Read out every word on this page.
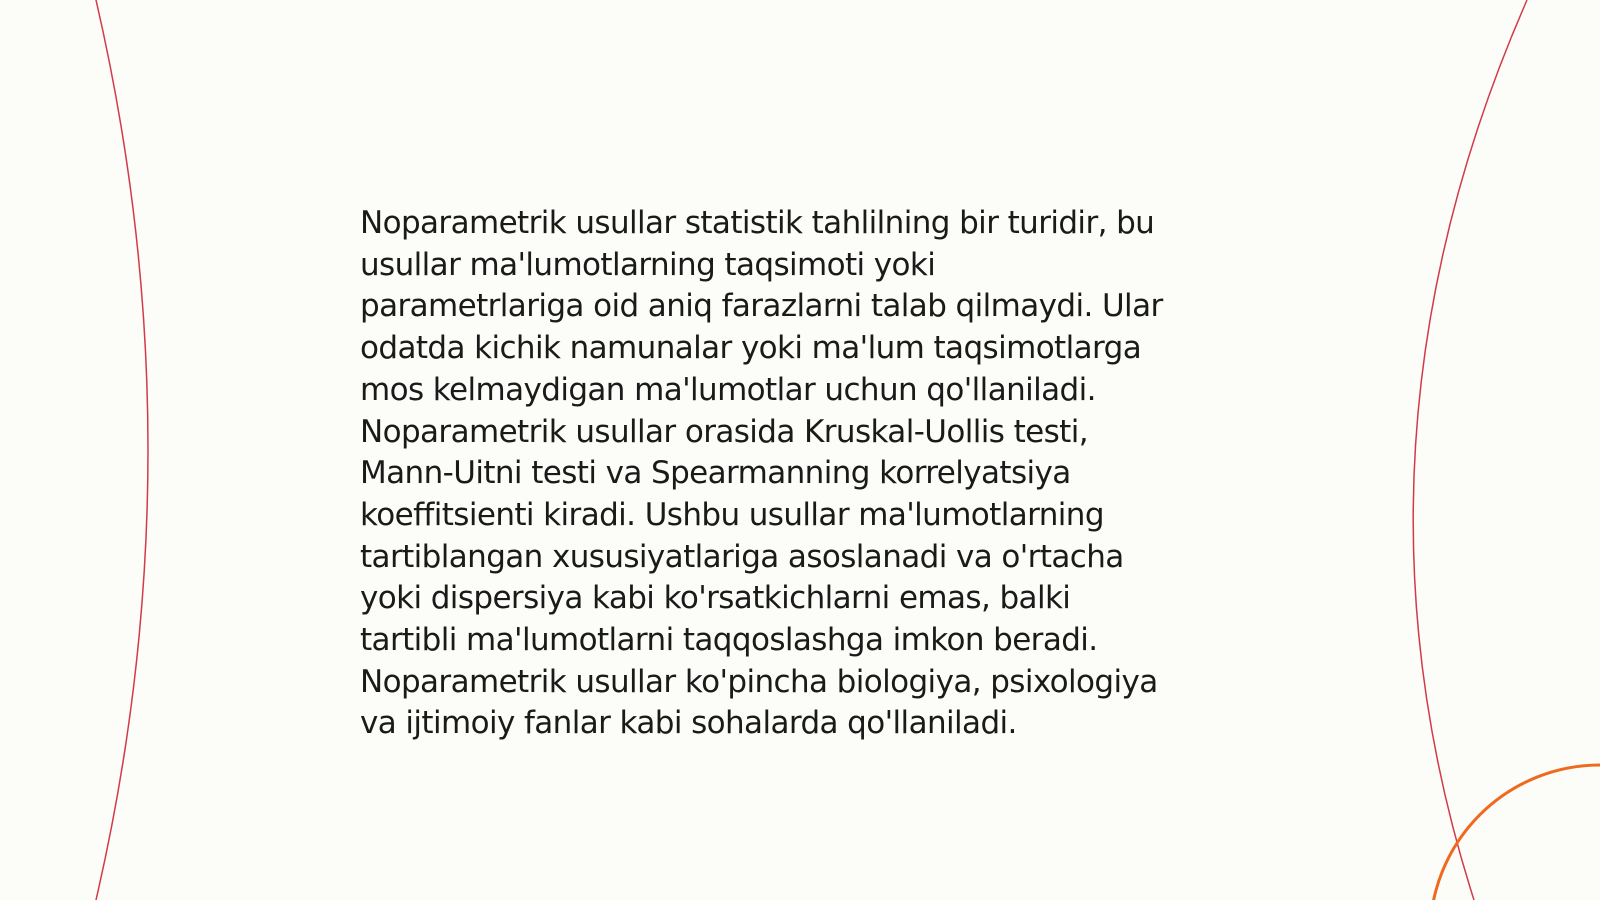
Noparametrik usullar statistik tahlilning bir turidir, bu
usullar ma'lumotlarning taqsimoti yoki
parametrlariga oid aniq farazlarni talab qilmaydi. Ular
odatda kichik namunalar yoki ma'lum taqsimotlarga
mos kelmaydigan ma'lumotlar uchun qo'llaniladi.
Noparametrik usullar orasida Kruskal-Uollis testi,
Mann-Uitni testi va Spearmanning korrelyatsiya
koeffitsienti kiradi. Ushbu usullar ma'lumotlarning
tartiblangan xususiyatlariga asoslanadi va o'rtacha
yoki dispersiya kabi ko'rsatkichlarni emas, balki
tartibli ma'lumotlarni taqqoslashga imkon beradi.
Noparametrik usullar ko'pincha biologiya, psixologiya
va ijtimoiy fanlar kabi sohalarda qo'llaniladi.
